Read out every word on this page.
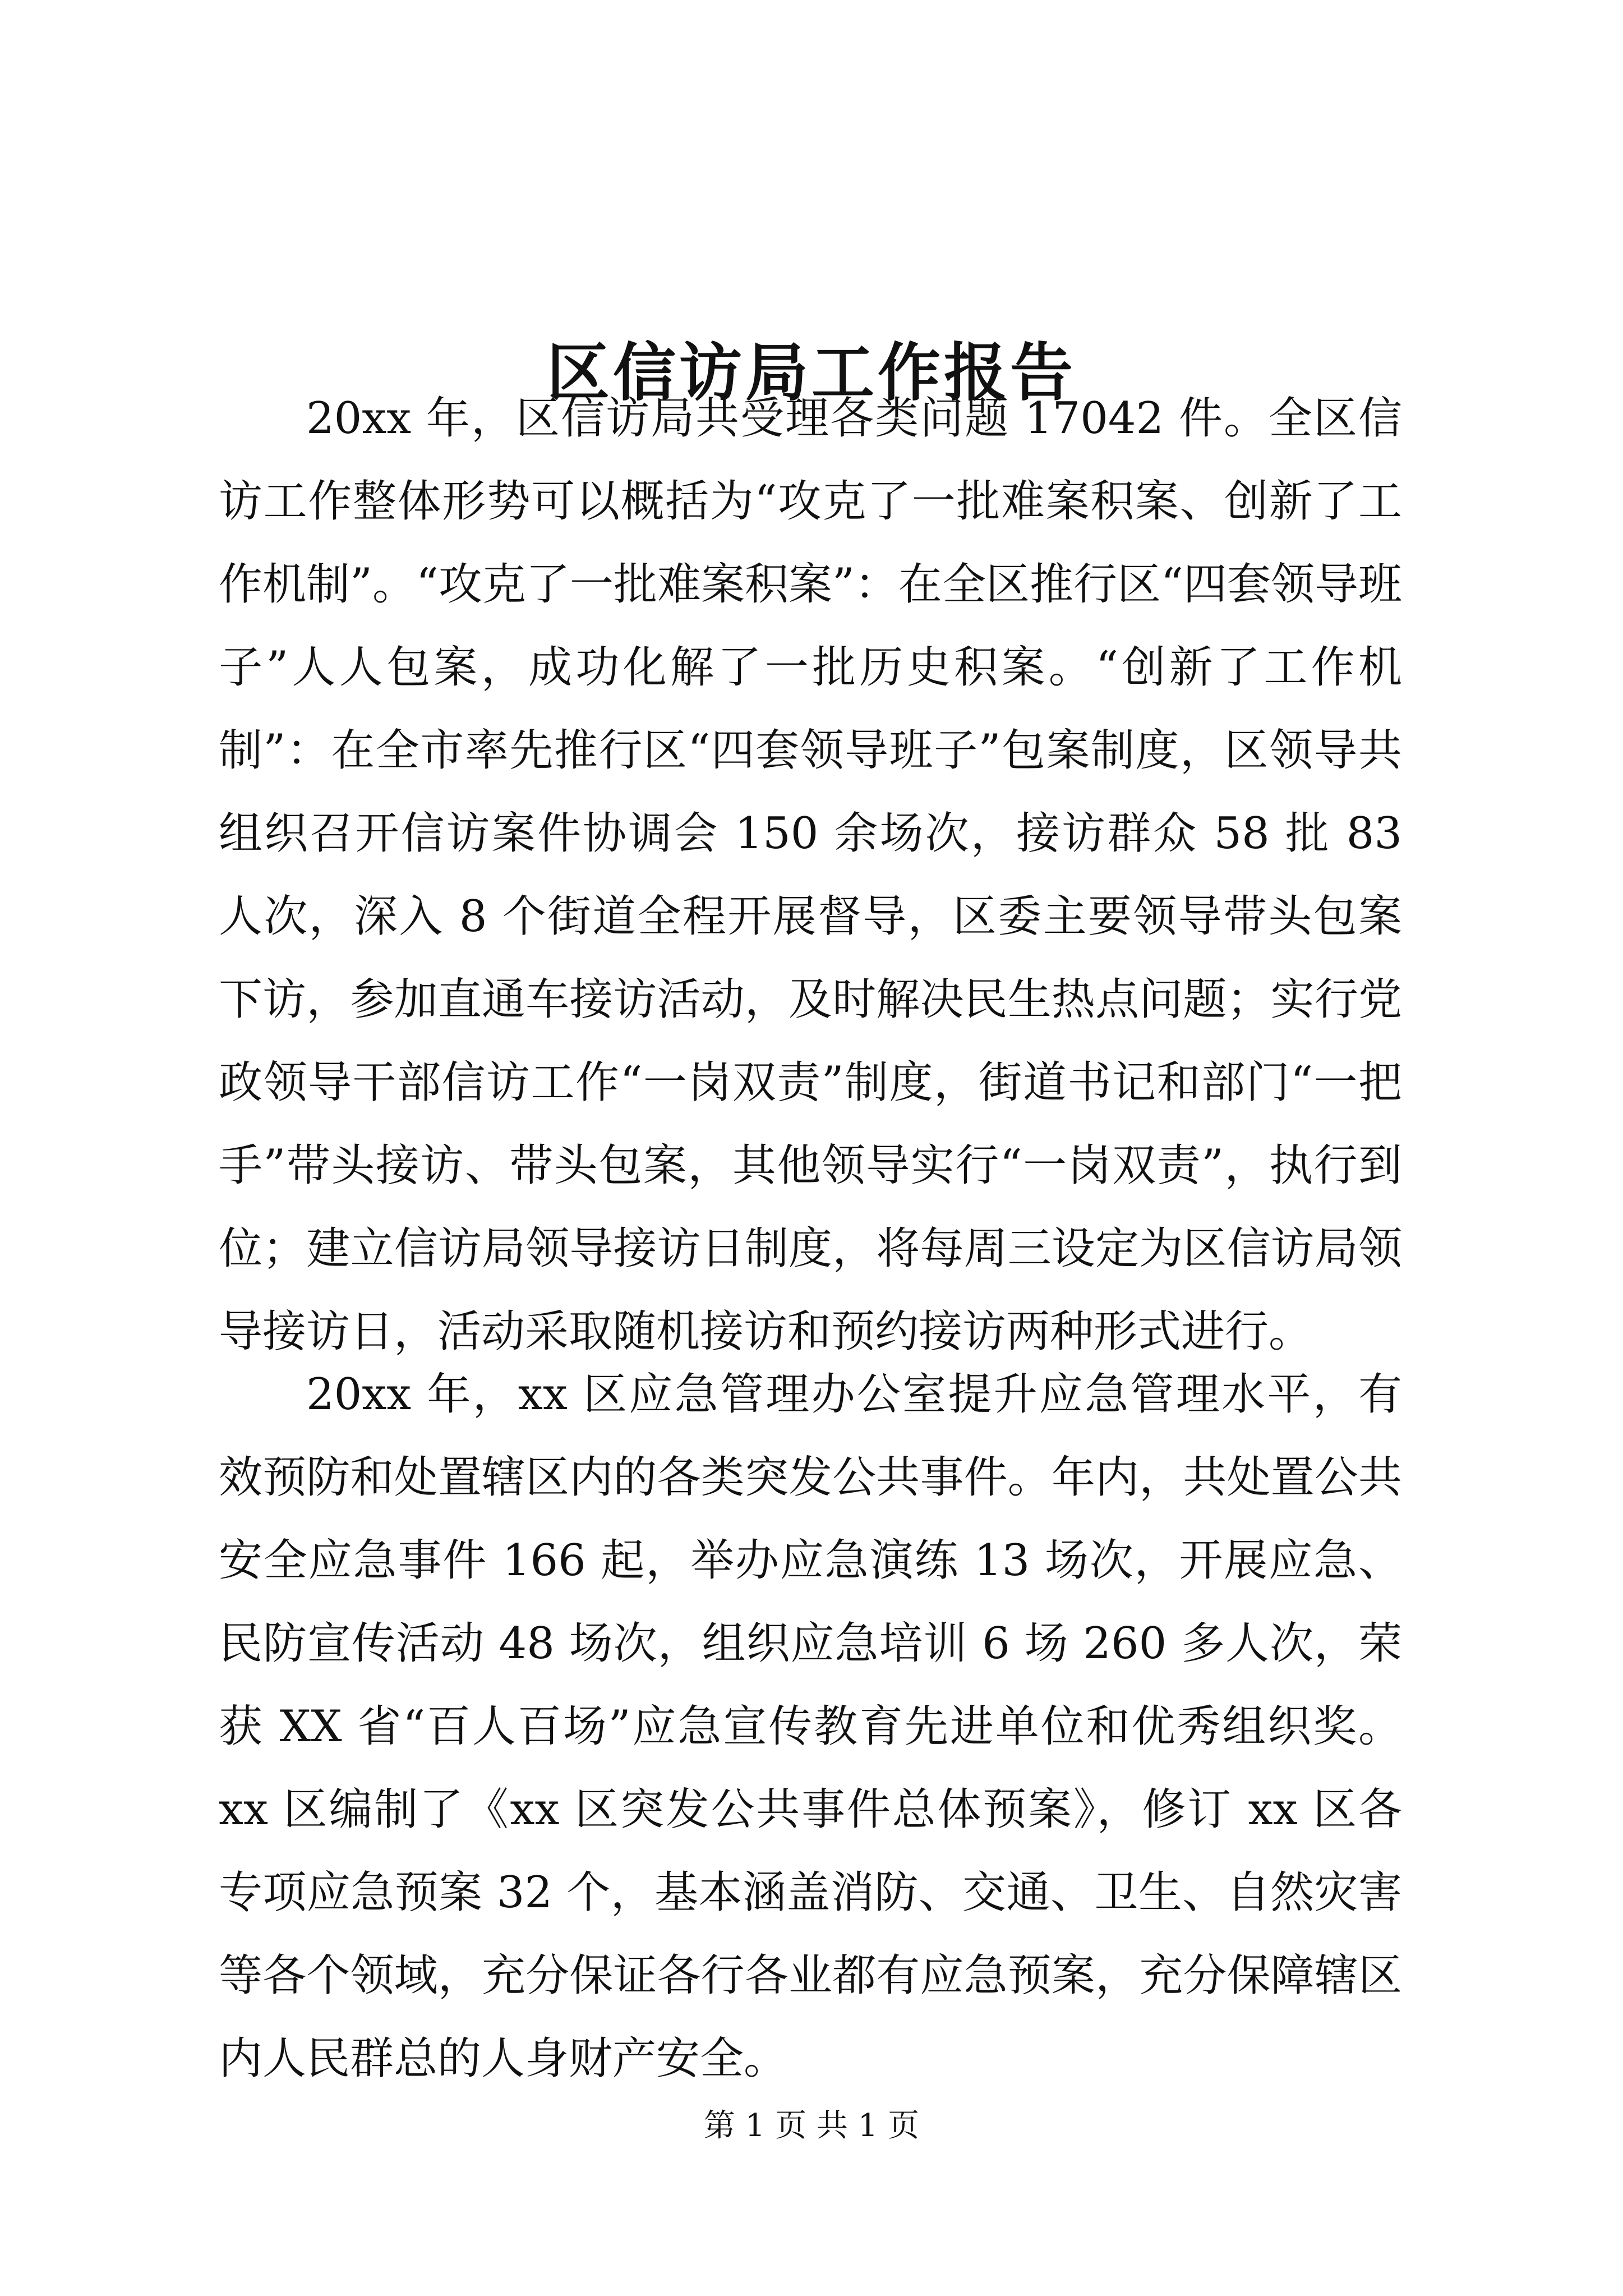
区信访局工作报告

20xx 年，区信访局共受理各类问题 17042 件。全区信访工作整体形势可以概括为“攻克了一批难案积案、创新了工作机制”。“攻克了一批难案积案”：在全区推行区“四套领导班子”人人包案，成功化解了一批历史积案。“创新了工作机制”：在全市率先推行区“四套领导班子”包案制度，区领导共组织召开信访案件协调会 150 余场次，接访群众 58 批 83 人次，深入 8 个街道全程开展督导，区委主要领导带头包案下访，参加直通车接访活动，及时解决民生热点问题；实行党政领导干部信访工作“一岗双责”制度，街道书记和部门“一把手”带头接访、带头包案，其他领导实行“一岗双责”，执行到位；建立信访局领导接访日制度，将每周三设定为区信访局领导接访日，活动采取随机接访和预约接访两种形式进行。

20xx 年，xx 区应急管理办公室提升应急管理水平，有效预防和处置辖区内的各类突发公共事件。年内，共处置公共安全应急事件 166 起，举办应急演练 13 场次，开展应急、民防宣传活动 48 场次，组织应急培训 6 场 260 多人次，荣获 XX 省“百人百场”应急宣传教育先进单位和优秀组织奖。xx 区编制了《xx 区突发公共事件总体预案》，修订 xx 区各专项应急预案 32 个，基本涵盖消防、交通、卫生、自然灾害等各个领域，充分保证各行各业都有应急预案，充分保障辖区内人民群总的人身财产安全。

第 1 页 共 1 页
